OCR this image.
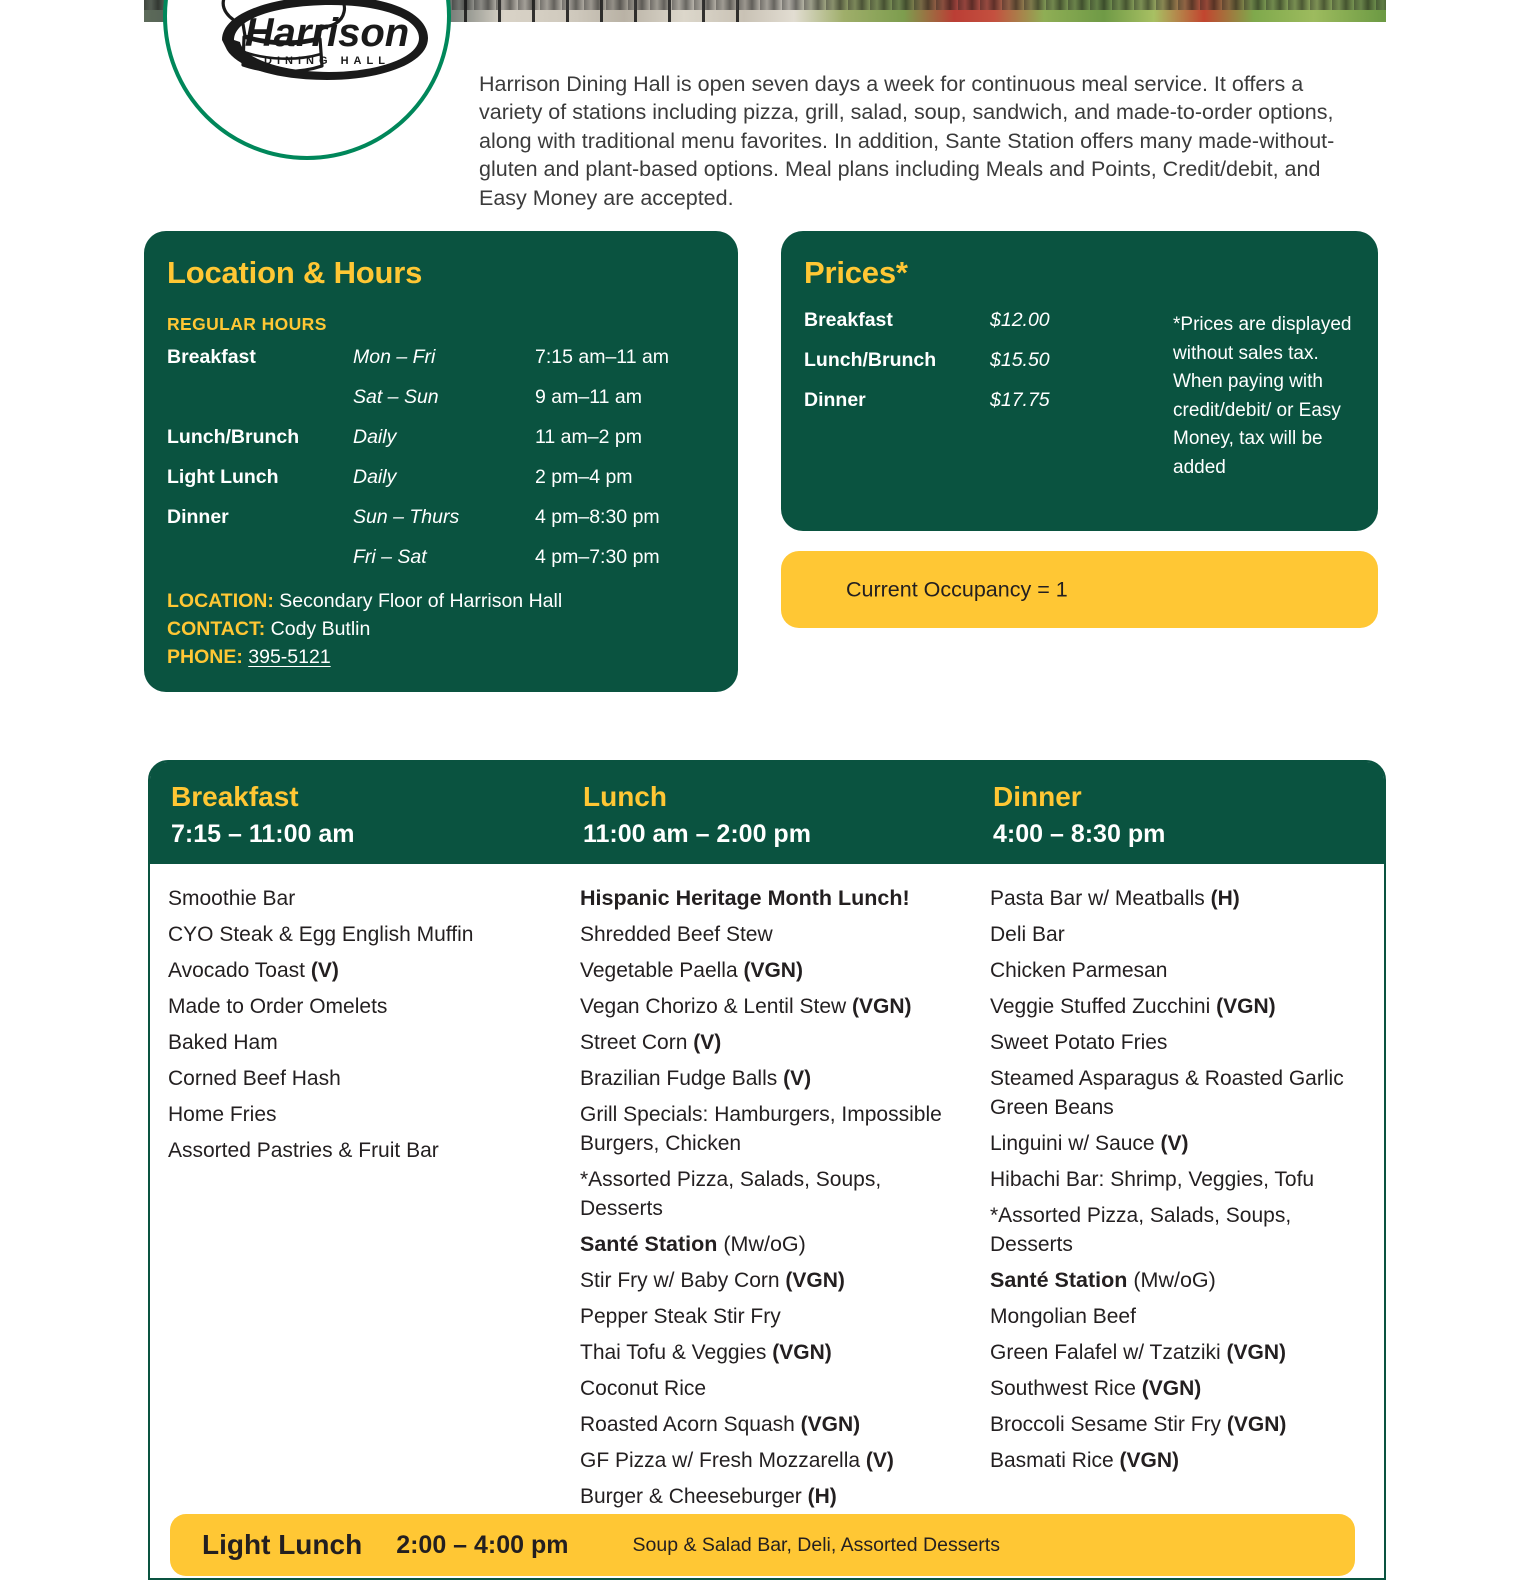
Harrison
DINING HALL

Harrison Dining Hall is open seven days a week for continuous meal service. It offers a variety of stations including pizza, grill, salad, soup, sandwich, and made-to-order options, along with traditional menu favorites. In addition, Sante Station offers many made-without-gluten and plant-based options. Meal plans including Meals and Points, Credit/debit, and Easy Money are accepted.

Location & Hours
REGULAR HOURS
Breakfast	Mon – Fri	7:15 am–11 am
	Sat – Sun	9 am–11 am
Lunch/Brunch	Daily	11 am–2 pm
Light Lunch	Daily	2 pm–4 pm
Dinner	Sun – Thurs	4 pm–8:30 pm
	Fri – Sat	4 pm–7:30 pm
LOCATION: Secondary Floor of Harrison Hall
CONTACT: Cody Butlin
PHONE: 395-5121
Prices*
Breakfast	$12.00
Lunch/Brunch	$15.50
Dinner	$17.75
*Prices are displayed without sales tax. When paying with credit/debit/ or Easy Money, tax will be added
Current Occupancy = 1
Breakfast
7:15 – 11:00 am
Lunch
11:00 am – 2:00 pm
Dinner
4:00 – 8:30 pm
Smoothie Bar
CYO Steak & Egg English Muffin
Avocado Toast (V)
Made to Order Omelets
Baked Ham
Corned Beef Hash
Home Fries
Assorted Pastries & Fruit Bar
Hispanic Heritage Month Lunch!
Shredded Beef Stew
Vegetable Paella (VGN)
Vegan Chorizo & Lentil Stew (VGN)
Street Corn (V)
Brazilian Fudge Balls (V)
Grill Specials: Hamburgers, Impossible Burgers, Chicken
*Assorted Pizza, Salads, Soups, Desserts
Santé Station (Mw/oG)
Stir Fry w/ Baby Corn (VGN)
Pepper Steak Stir Fry
Thai Tofu & Veggies (VGN)
Coconut Rice
Roasted Acorn Squash (VGN)
GF Pizza w/ Fresh Mozzarella (V)
Burger & Cheeseburger (H)
Pasta Bar w/ Meatballs (H)
Deli Bar
Chicken Parmesan
Veggie Stuffed Zucchini (VGN)
Sweet Potato Fries
Steamed Asparagus & Roasted Garlic Green Beans
Linguini w/ Sauce (V)
Hibachi Bar: Shrimp, Veggies, Tofu
*Assorted Pizza, Salads, Soups, Desserts
Santé Station (Mw/oG)
Mongolian Beef
Green Falafel w/ Tzatziki (VGN)
Southwest Rice (VGN)
Broccoli Sesame Stir Fry (VGN)
Basmati Rice (VGN)
Light Lunch 2:00 – 4:00 pm	Soup & Salad Bar, Deli, Assorted Desserts
